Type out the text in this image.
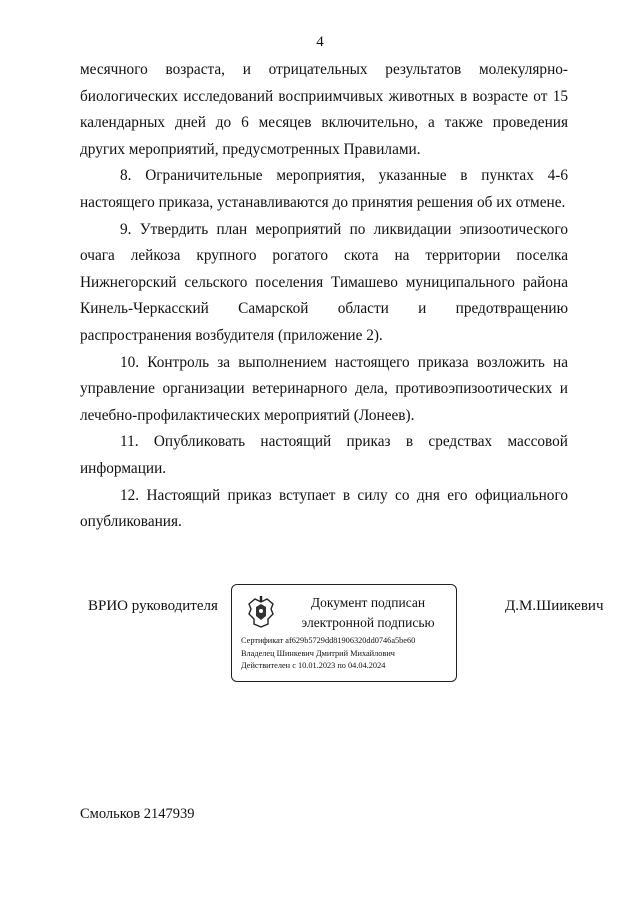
4

месячного возраста, и отрицательных результатов молекулярно-биологических исследований восприимчивых животных в возрасте от 15 календарных дней до 6 месяцев включительно, а также проведения других мероприятий, предусмотренных Правилами.

8. Ограничительные мероприятия, указанные в пунктах 4-6 настоящего приказа, устанавливаются до принятия решения об их отмене.

9. Утвердить план мероприятий по ликвидации эпизоотического очага лейкоза крупного рогатого скота на территории поселка Нижнегорский сельского поселения Тимашево муниципального района Кинель-Черкасский Самарской области и предотвращению распространения возбудителя (приложение 2).

10. Контроль за выполнением настоящего приказа возложить на управление организации ветеринарного дела, противоэпизоотических и лечебно-профилактических мероприятий (Лонеев).

11. Опубликовать настоящий приказ в средствах массовой информации.

12. Настоящий приказ вступает в силу со дня его официального опубликования.

ВРИО руководителя	Документ подписан
электронной подписью
Сертификат af629b5729dd81906320dd0746a5be60
Владелец Шинкевич Дмитрий Михайлович
Действителен с 10.01.2023 по 04.04.2024
Д.М.Шиикевич
Смольков 2147939
